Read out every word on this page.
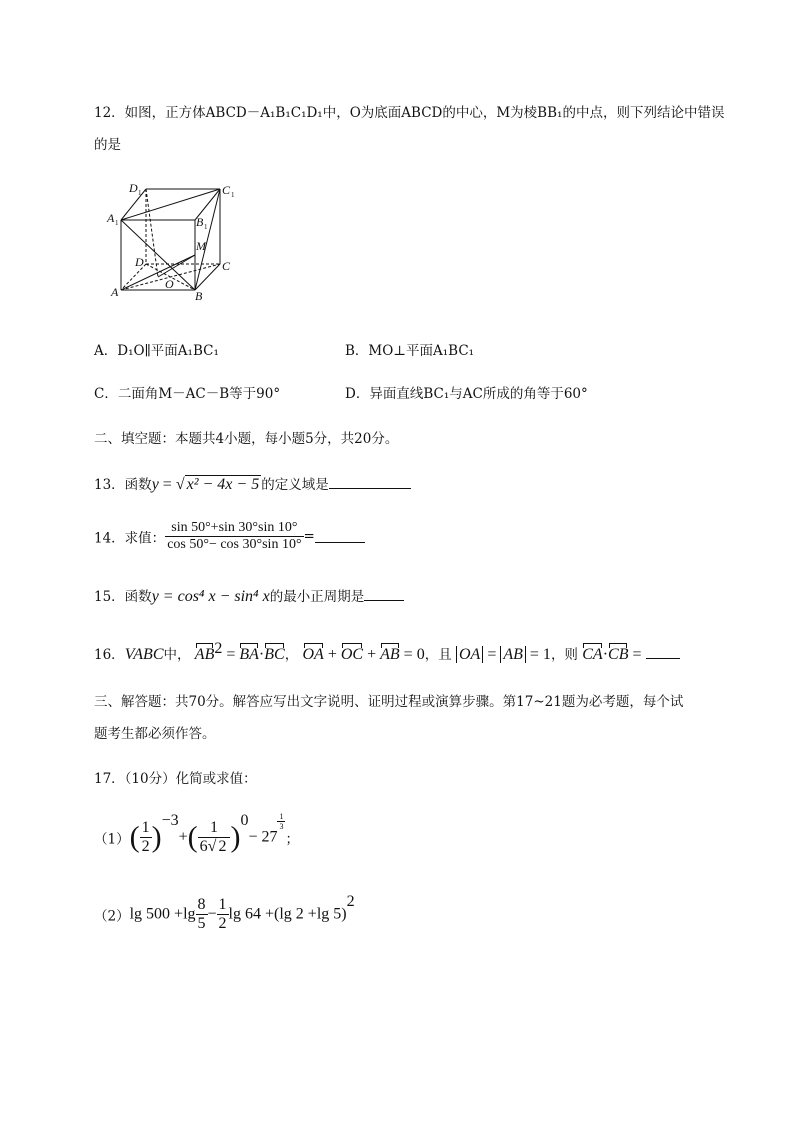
12．如图，正方体ABCD－A₁B₁C₁D₁中，O为底面ABCD的中心，M为棱BB₁的中点，则下列结论中错误
的是
D 1	C 1
A 1	B 1
M
D	C
O
A	B
A．D₁O∥平面A₁BC₁	B．MO⊥平面A₁BC₁
C．二面角M－AC－B等于90°	D．异面直线BC₁与AC所成的角等于60°
二、填空题：本题共4小题，每小题5分，共20分。
13．函数y = √ x² − 4x − 5 的定义域是
14．求值： $\frac{\sin 50^\circ+\sin 30^\circ\sin 10^\circ}{\cos 50^\circ- \cos 30^\circ\sin 10^\circ}$ =
15．函数y = cos⁴ x − sin⁴ x的最小正周期是
16．VABC中， $AB^2 = BA\cdot BC$， OA + OC + AB = 0，且 OA = AB = 1，则 CA·CB =
三、解答题：共70分。解答应写出文字说明、证明过程或演算步骤。第17~21题为必考题，每个试
题考生都必须作答。
17．（10分）化简或求值：
$(1)( \frac{1}{2} )^{-3}+( \frac{1}{6√ 2} )^0- 27$
$\frac{1}{3}$
；
（2）lg $500 +\lg \frac{8}{5} - \frac{1}{2}$ lg 64 +(lg 2 +lg 5)$^2$
